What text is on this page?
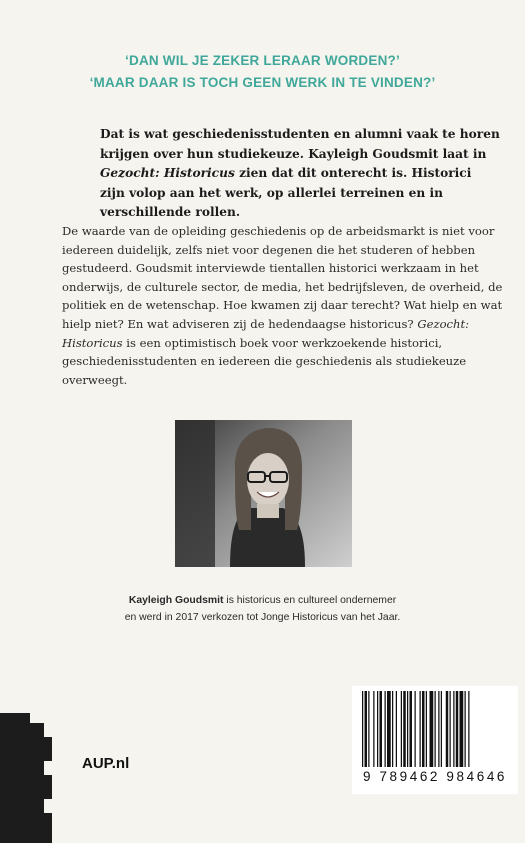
‘DAN WIL JE ZEKER LERAAR WORDEN?’
‘MAAR DAAR IS TOCH GEEN WERK IN TE VINDEN?’
Dat is wat geschiedenisstudenten en alumni vaak te horen krijgen over hun studiekeuze. Kayleigh Goudsmit laat in Gezocht: Historicus zien dat dit onterecht is. Historici zijn volop aan het werk, op allerlei terreinen en in verschillende rollen.
De waarde van de opleiding geschiedenis op de arbeidsmarkt is niet voor iedereen duidelijk, zelfs niet voor degenen die het studeren of hebben gestudeerd. Goudsmit interviewde tientallen historici werkzaam in het onderwijs, de culturele sector, de media, het bedrijfsleven, de overheid, de politiek en de wetenschap. Hoe kwamen zij daar terecht? Wat hielp en wat hielp niet? En wat adviseren zij de hedendaagse historicus? Gezocht: Historicus is een optimistisch boek voor werkzoekende historici, geschiedenisstudenten en iedereen die geschiedenis als studiekeuze overweegt.
Kayleigh Goudsmit is historicus en cultureel ondernemer
en werd in 2017 verkozen tot Jonge Historicus van het Jaar.
AUP.nl
9 789462 984646
